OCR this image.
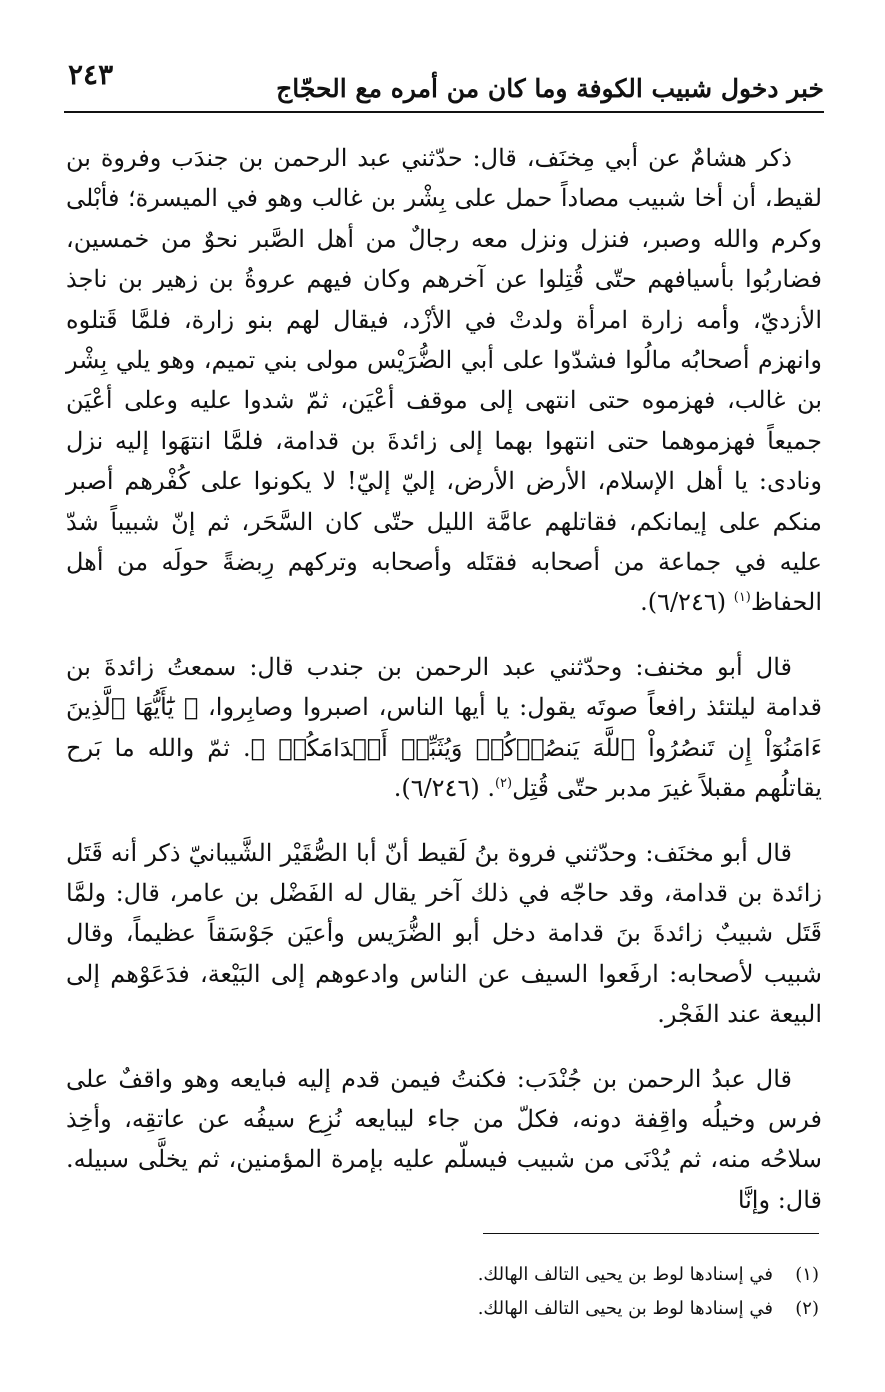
خبر دخول شبيب الكوفة وما كان من أمره مع الحجّاج
٢٤٣

ذكر هشامٌ عن أبي مِخنَف، قال: حدّثني عبد الرحمن بن جندَب وفروة بن لقيط، أن أخا شبيب مصاداً حمل على بِشْر بن غالب وهو في الميسرة؛ فأبْلى وكرم والله وصبر، فنزل ونزل معه رجالٌ من أهل الصَّبر نحوٌ من خمسين، فضاربُوا بأسيافهم حتّى قُتِلوا عن آخرهم وكان فيهم عروةُ بن زهير بن ناجذ الأزديّ، وأمه زارة امرأة ولدتْ في الأزْد، فيقال لهم بنو زارة، فلمَّا قَتلوه وانهزم أصحابُه مالُوا فشدّوا على أبي الضُّرَيْس مولى بني تميم، وهو يلي بِشْر بن غالب، فهزموه حتى انتهى إلى موقف أعْيَن، ثمّ شدوا عليه وعلى أعْيَن جميعاً فهزموهما حتى انتهوا بهما إلى زائدةَ بن قدامة، فلمَّا انتهَوا إليه نزل ونادى: يا أهل الإسلام، الأرض الأرض، إليّ إليّ! لا يكونوا على كُفْرهم أصبر منكم على إيمانكم، فقاتلهم عامَّة الليل حتّى كان السَّحَر، ثم إنّ شبيباً شدّ عليه في جماعة من أصحابه فقتَله وأصحابه وتركهم رِبضةً حولَه من أهل الحفاظ$^{(١)}$ (٦/٢٤٦).

قال أبو مخنف: وحدّثني عبد الرحمن بن جندب قال: سمعتُ زائدةَ بن قدامة ليلتئذ رافعاً صوتَه يقول: يا أيها الناس، اصبروا وصابِروا، ﴿ يَٰٓأَيُّهَا ٱلَّذِينَ ءَامَنُوٓاْ إِن تَنصُرُواْ ٱللَّهَ يَنصُرۡكُمۡ وَيُثَبِّتۡ أَقۡدَامَكُمۡ ﴾. ثمّ والله ما بَرح يقاتلُهم مقبلاً غيرَ مدبر حتّى قُتِل$^{(٢)}$. (٦/٢٤٦).

قال أبو مخنَف: وحدّثني فروة بنُ لَقيط أنّ أبا الصُّقَيْر الشَّيبانيّ ذكر أنه قَتَل زائدة بن قدامة، وقد حاجّه في ذلك آخر يقال له الفَضْل بن عامر، قال: ولمَّا قَتَل شبيبٌ زائدةَ بنَ قدامة دخل أبو الضُّرَيس وأعيَن جَوْسَقاً عظيماً، وقال شبيب لأصحابه: ارفَعوا السيف عن الناس وادعوهم إلى البَيْعة، فدَعَوْهم إلى البيعة عند الفَجْر.

قال عبدُ الرحمن بن جُنْدَب: فكنتُ فيمن قدم إليه فبايعه وهو واقفٌ على فرس وخيلُه واقِفة دونه، فكلّ من جاء ليبايعه نُزِع سيفُه عن عاتقِه، وأخِذ سلاحُه منه، ثم يُدْنَى من شبيب فيسلّم عليه بإمرة المؤمنين، ثم يخلَّى سبيله. قال: وإنَّا

(١)في إسنادها لوط بن يحيى التالف الهالك.
(٢)في إسنادها لوط بن يحيى التالف الهالك.
